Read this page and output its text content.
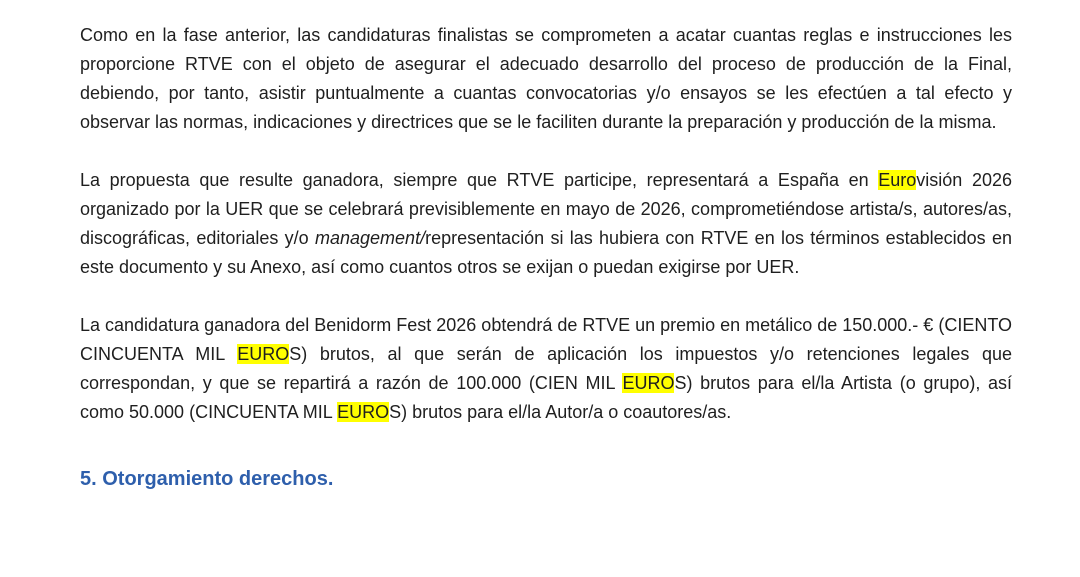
Como en la fase anterior, las candidaturas finalistas se comprometen a acatar cuantas reglas e instrucciones les proporcione RTVE con el objeto de asegurar el adecuado desarrollo del proceso de producción de la Final, debiendo, por tanto, asistir puntualmente a cuantas convocatorias y/o ensayos se les efectúen a tal efecto y observar las normas, indicaciones y directrices que se le faciliten durante la preparación y producción de la misma.

La propuesta que resulte ganadora, siempre que RTVE participe, representará a España en Eurovisión 2026 organizado por la UER que se celebrará previsiblemente en mayo de 2026, comprometiéndose artista/s, autores/as, discográficas, editoriales y/o management/representación si las hubiera con RTVE en los términos establecidos en este documento y su Anexo, así como cuantos otros se exijan o puedan exigirse por UER.

La candidatura ganadora del Benidorm Fest 2026 obtendrá de RTVE un premio en metálico de 150.000.- € (CIENTO CINCUENTA MIL EUROS) brutos, al que serán de aplicación los impuestos y/o retenciones legales que correspondan, y que se repartirá a razón de 100.000 (CIEN MIL EUROS) brutos para el/la Artista (o grupo), así como 50.000 (CINCUENTA MIL EUROS) brutos para el/la Autor/a o coautores/as.

5. Otorgamiento derechos.
